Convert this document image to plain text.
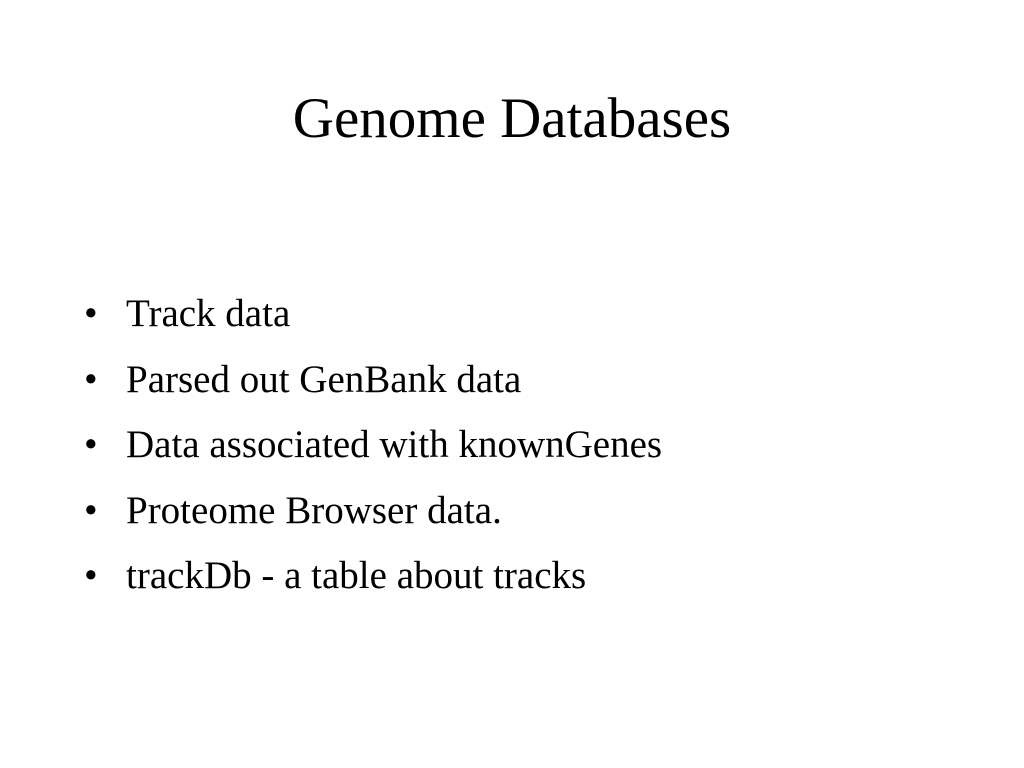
Genome Databases
• Track data
• Parsed out GenBank data
• Data associated with knownGenes
• Proteome Browser data.
• trackDb - a table about tracks
